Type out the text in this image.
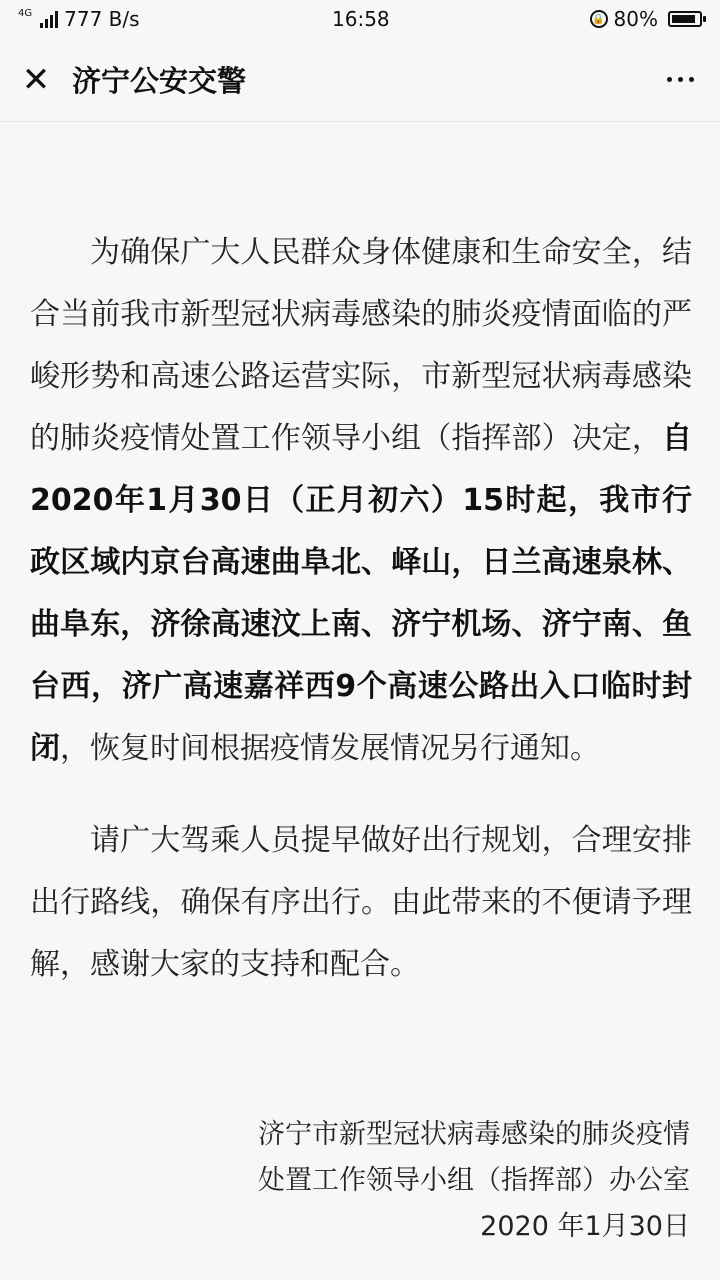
4G 777 B/s	16:58	🔒 80%
✕ 济宁公安交警

为确保广大人民群众身体健康和生命安全，结合当前我市新型冠状病毒感染的肺炎疫情面临的严峻形势和高速公路运营实际，市新型冠状病毒感染的肺炎疫情处置工作领导小组（指挥部）决定，自2020年1月30日（正月初六）15时起，我市行政区域内京台高速曲阜北、峄山，日兰高速泉林、曲阜东，济徐高速汶上南、济宁机场、济宁南、鱼台西，济广高速嘉祥西9个高速公路出入口临时封闭，恢复时间根据疫情发展情况另行通知。

请广大驾乘人员提早做好出行规划，合理安排出行路线，确保有序出行。由此带来的不便请予理解，感谢大家的支持和配合。

济宁市新型冠状病毒感染的肺炎疫情
处置工作领导小组（指挥部）办公室
2020 年1月30日
